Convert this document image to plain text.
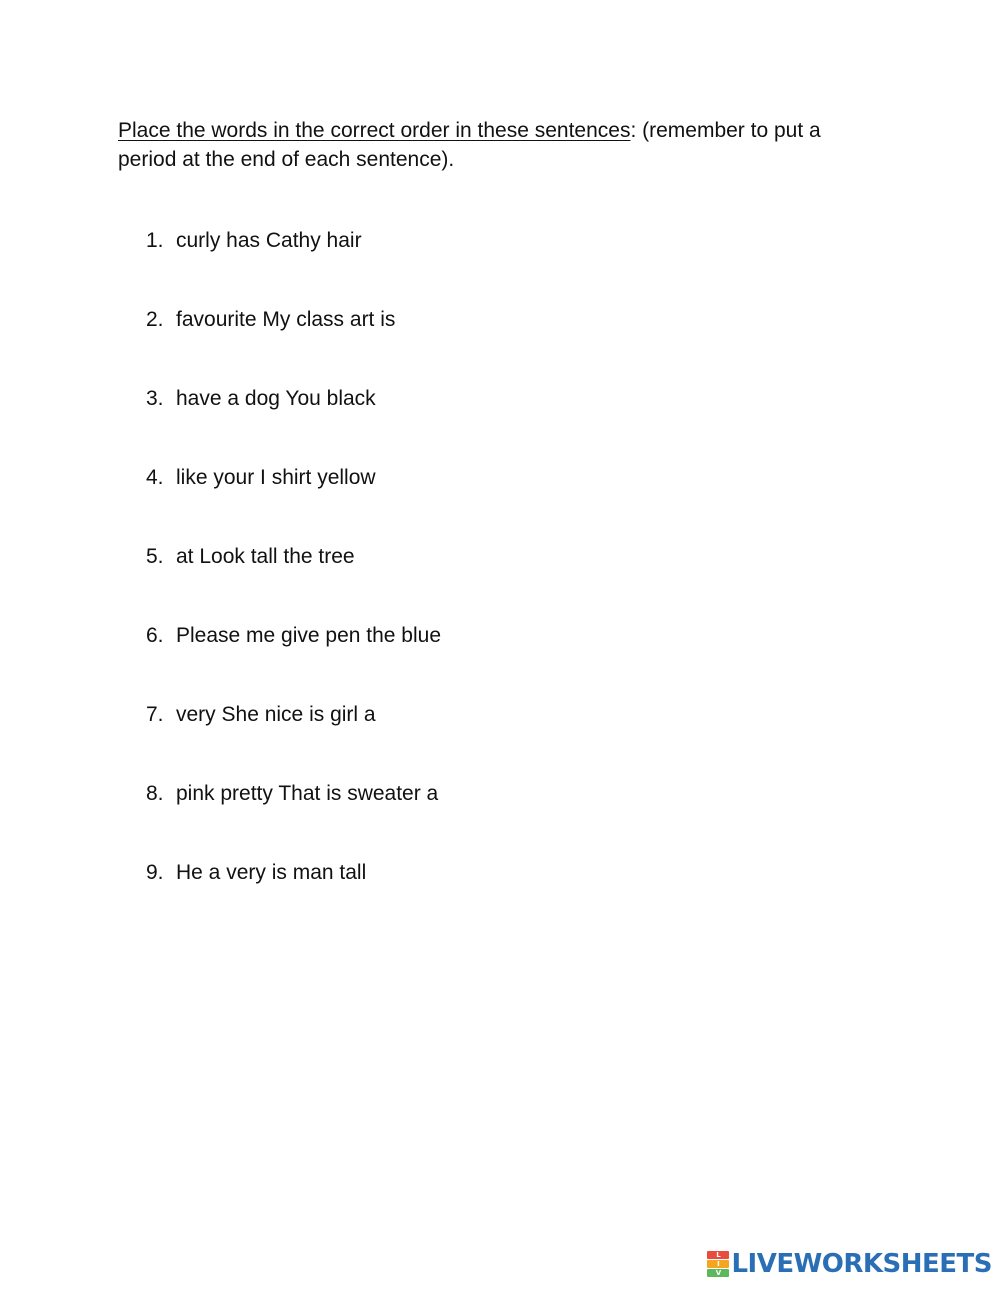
Place the words in the correct order in these sentences: (remember to put a period at the end of each sentence).

1. curly has Cathy hair
2. favourite My class art is
3. have a dog You black
4. like your I shirt yellow
5. at Look tall the tree
6. Please me give pen the blue
7. very She nice is girl a
8. pink pretty That is sweater a
9. He a very is man tall
L
I
V LIVEWORKSHEETS
